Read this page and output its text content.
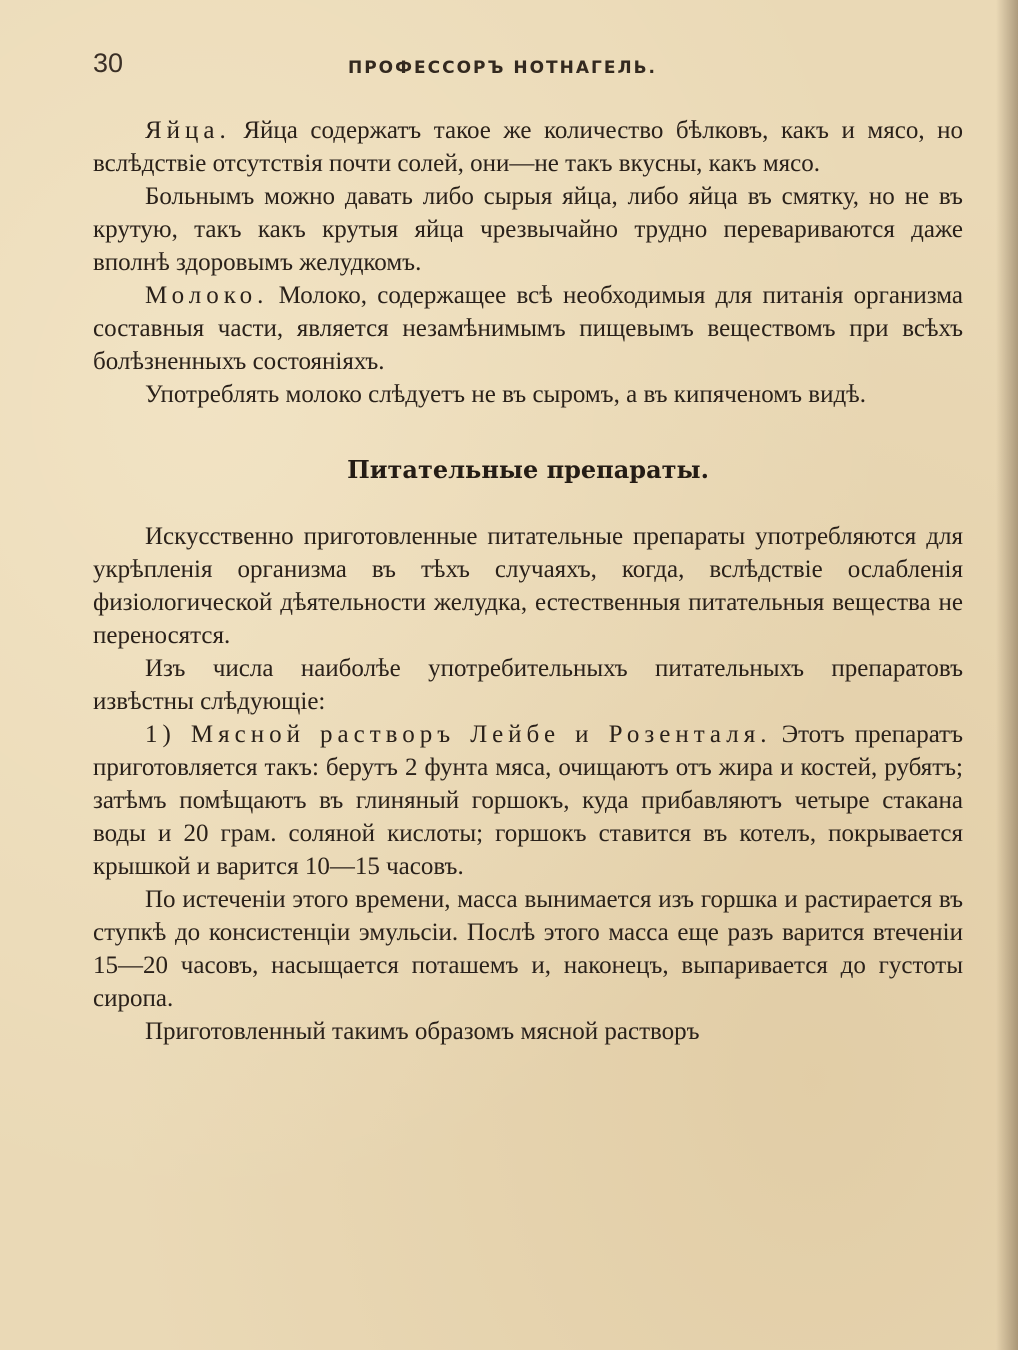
30	ПРОФЕССОРЪ НОТНАГЕЛЬ.

Яйца. Яйца содержатъ такое же количество бѣлковъ, какъ и мясо, но вслѣдствіе отсутствія почти солей, они—не такъ вкусны, какъ мясо.

Больнымъ можно давать либо сырыя яйца, либо яйца въ смятку, но не въ крутую, такъ какъ крутыя яйца чрезвычайно трудно перевариваются даже вполнѣ здоровымъ желудкомъ.

Молоко. Молоко, содержащее всѣ необходимыя для питанія организма составныя части, является незамѣнимымъ пищевымъ веществомъ при всѣхъ болѣзненныхъ состояніяхъ.

Употреблять молоко слѣдуетъ не въ сыромъ, а въ кипяченомъ видѣ.

Питательные препараты.

Искусственно приготовленные питательные препараты употребляются для укрѣпленія организма въ тѣхъ случаяхъ, когда, вслѣдствіе ослабленія физіологической дѣятельности желудка, естественныя питательныя вещества не переносятся.

Изъ числа наиболѣе употребительныхъ питательныхъ препаратовъ извѣстны слѣдующіе:

1) Мясной растворъ Лейбе и Розенталя. Этотъ препаратъ приготовляется такъ: берутъ 2 фунта мяса, очищаютъ отъ жира и костей, рубятъ; затѣмъ помѣщаютъ въ глиняный горшокъ, куда прибавляютъ четыре стакана воды и 20 грам. соляной кислоты; горшокъ ставится въ котелъ, покрывается крышкой и варится 10—15 часовъ.

По истеченіи этого времени, масса вынимается изъ горшка и растирается въ ступкѣ до консистенціи эмульсіи. Послѣ этого масса еще разъ варится втеченіи 15—20 часовъ, насыщается поташемъ и, наконецъ, выпаривается до густоты сиропа.

Приготовленный такимъ образомъ мясной растворъ
